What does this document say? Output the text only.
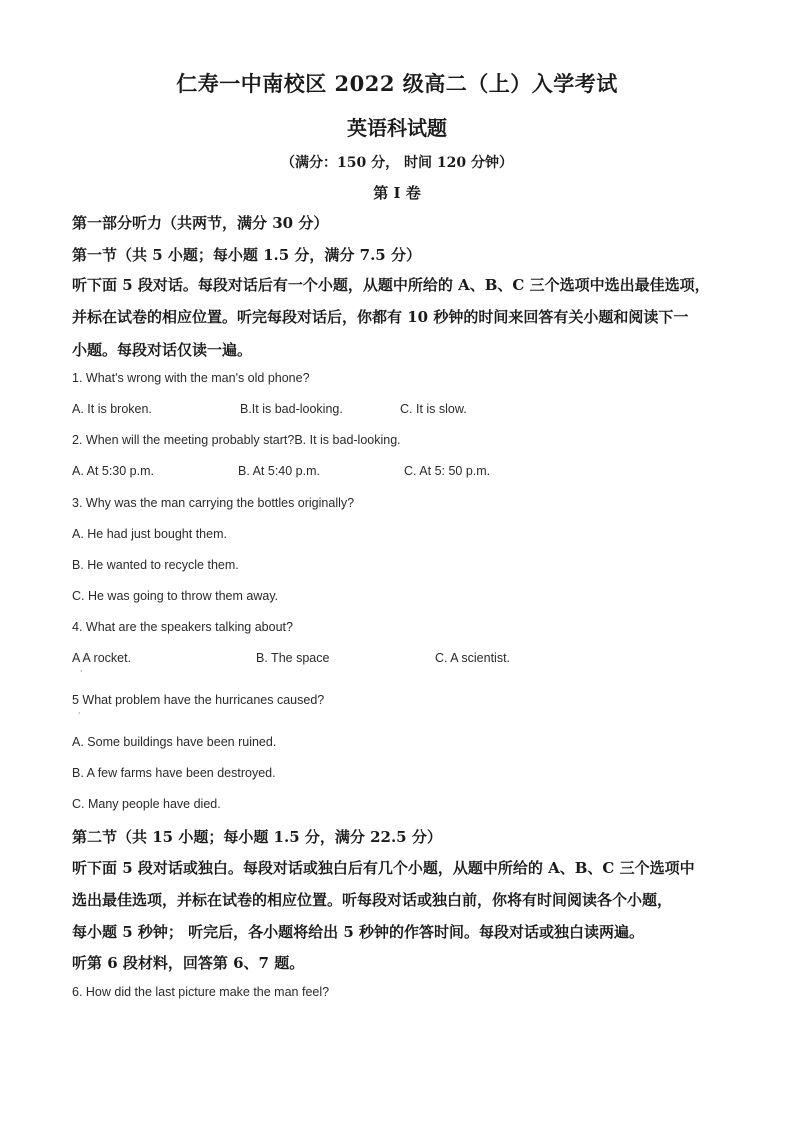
仁寿一中南校区 2022 级高二（上）入学考试
英语科试题
（满分：150 分， 时间 120 分钟）
第 I 卷
第一部分听力（共两节，满分 30 分）
第一节（共 5 小题；每小题 1.5 分，满分 7.5 分）
听下面 5 段对话。每段对话后有一个小题，从题中所给的 A、B、C 三个选项中选出最佳选项，
并标在试卷的相应位置。听完每段对话后，你都有 10 秒钟的时间来回答有关小题和阅读下一
小题。每段对话仅读一遍。
1. What's wrong with the man's old phone?
A. It is broken.	B.It is bad-looking.	C. It is slow.
2. When will the meeting probably start?B. It is bad-looking.
A. At 5:30 p.m.	B. At 5:40 p.m.	C. At 5: 50 p.m.
3. Why was the man carrying the bottles originally?
A. He had just bought them.
B. He wanted to recycle them.
C. He was going to throw them away.
4. What are the speakers talking about?
A A rocket.
·
B. The space	C. A scientist.
5 What problem have the hurricanes caused?
·
A. Some buildings have been ruined.
B. A few farms have been destroyed.
C. Many people have died.
第二节（共 15 小题；每小题 1.5 分，满分 22.5 分）
听下面 5 段对话或独白。每段对话或独白后有几个小题，从题中所给的 A、B、C 三个选项中
选出最佳选项，并标在试卷的相应位置。听每段对话或独白前，你将有时间阅读各个小题，
每小题 5 秒钟； 听完后，各小题将给出 5 秒钟的作答时间。每段对话或独白读两遍。
听第 6 段材料，回答第 6、7 题。
6. How did the last picture make the man feel?
